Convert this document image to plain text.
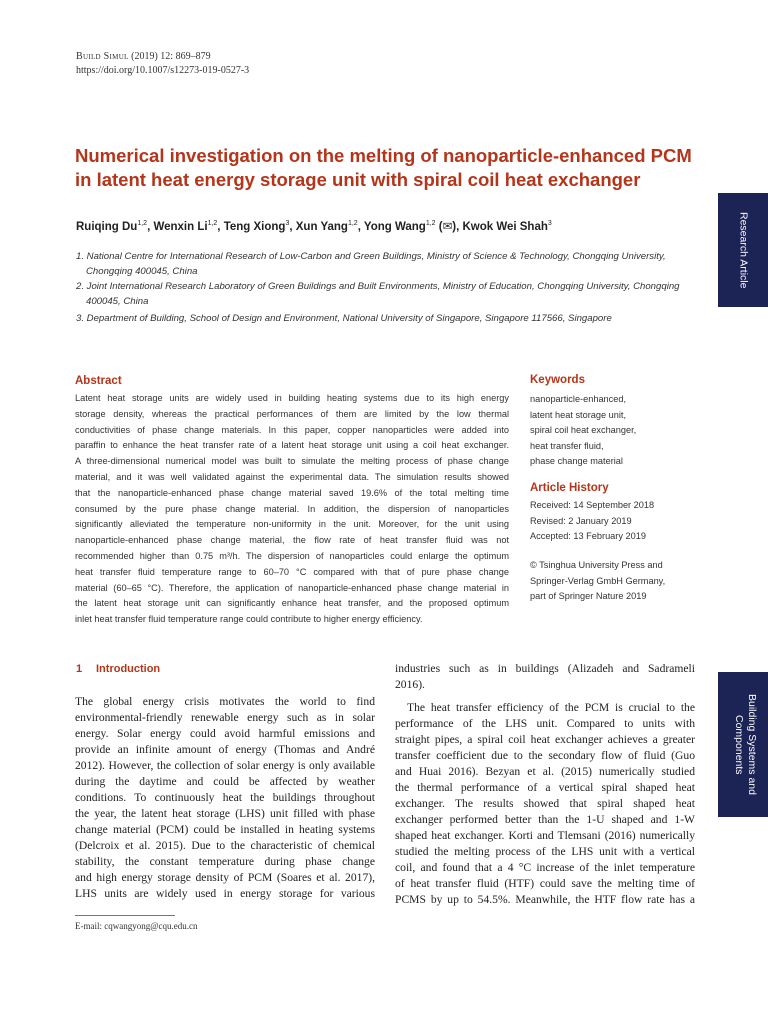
Build Simul (2019) 12: 869–879
https://doi.org/10.1007/s12273-019-0527-3
Numerical investigation on the melting of nanoparticle-enhanced PCM
in latent heat energy storage unit with spiral coil heat exchanger
Ruiqing Du$^{1,2}$, Wenxin Li$^{1,2}$, Teng Xiong$^3$, Xun Yang$^{1,2}$, Yong Wang$^{1,2}$ (✉), Kwok Wei Shah$^3$
1. National Centre for International Research of Low-Carbon and Green Buildings, Ministry of Science & Technology, Chongqing University,
Chongqing 400045, China
2. Joint International Research Laboratory of Green Buildings and Built Environments, Ministry of Education, Chongqing University, Chongqing
400045, China
3. Department of Building, School of Design and Environment, National University of Singapore, Singapore 117566, Singapore
Research Article
Building Systems and Components
Abstract
Latent heat storage units are widely used in building heating systems due to its high energy
storage density, whereas the practical performances of them are limited by the low thermal
conductivities of phase change materials. In this paper, copper nanoparticles were added into
paraffin to enhance the heat transfer rate of a latent heat storage unit using a coil heat exchanger.
A three-dimensional numerical model was built to simulate the melting process of phase change
material, and it was well validated against the experimental data. The simulation results showed
that the nanoparticle-enhanced phase change material saved 19.6% of the total melting time
consumed by the pure phase change material. In addition, the dispersion of nanoparticles
significantly alleviated the temperature non-uniformity in the unit. Moreover, for the unit using
nanoparticle-enhanced phase change material, the flow rate of heat transfer fluid was not
recommended higher than 0.75 m³/h. The dispersion of nanoparticles could enlarge the optimum
heat transfer fluid temperature range to 60–70 °C compared with that of pure phase change
material (60–65 °C). Therefore, the application of nanoparticle-enhanced phase change material in
the latent heat storage unit can significantly enhance heat transfer, and the proposed optimum
inlet heat transfer fluid temperature range could contribute to higher energy efficiency.
Keywords
nanoparticle-enhanced,
latent heat storage unit,
spiral coil heat exchanger,
heat transfer fluid,
phase change material
Article History
Received: 14 September 2018
Revised: 2 January 2019
Accepted: 13 February 2019
© Tsinghua University Press and
Springer-Verlag GmbH Germany,
part of Springer Nature 2019
1 Introduction
The global energy crisis motivates the world to find
environmental-friendly renewable energy such as in solar
energy. Solar energy could avoid harmful emissions and
provide an infinite amount of energy (Thomas and André
2012). However, the collection of solar energy is only available
during the daytime and could be affected by weather
conditions. To continuously heat the buildings throughout
the year, the latent heat storage (LHS) unit filled with phase
change material (PCM) could be installed in heating systems
(Delcroix et al. 2015). Due to the characteristic of chemical
stability, the constant temperature during phase change
and high energy storage density of PCM (Soares et al. 2017),
LHS units are widely used in energy storage for various
industries such as in buildings (Alizadeh and Sadrameli
2016).
The heat transfer efficiency of the PCM is crucial to the
performance of the LHS unit. Compared to units with
straight pipes, a spiral coil heat exchanger achieves a greater
transfer coefficient due to the secondary flow of fluid (Guo
and Huai 2016). Bezyan et al. (2015) numerically studied
the thermal performance of a vertical spiral shaped heat
exchanger. The results showed that spiral shaped heat
exchanger performed better than the 1-U shaped and 1-W
shaped heat exchanger. Korti and Tlemsani (2016) numerically
studied the melting process of the LHS unit with a vertical
coil, and found that a 4 °C increase of the inlet temperature
of heat transfer fluid (HTF) could save the melting time of
PCMS by up to 54.5%. Meanwhile, the HTF flow rate has a
E-mail: cqwangyong@cqu.edu.cn
